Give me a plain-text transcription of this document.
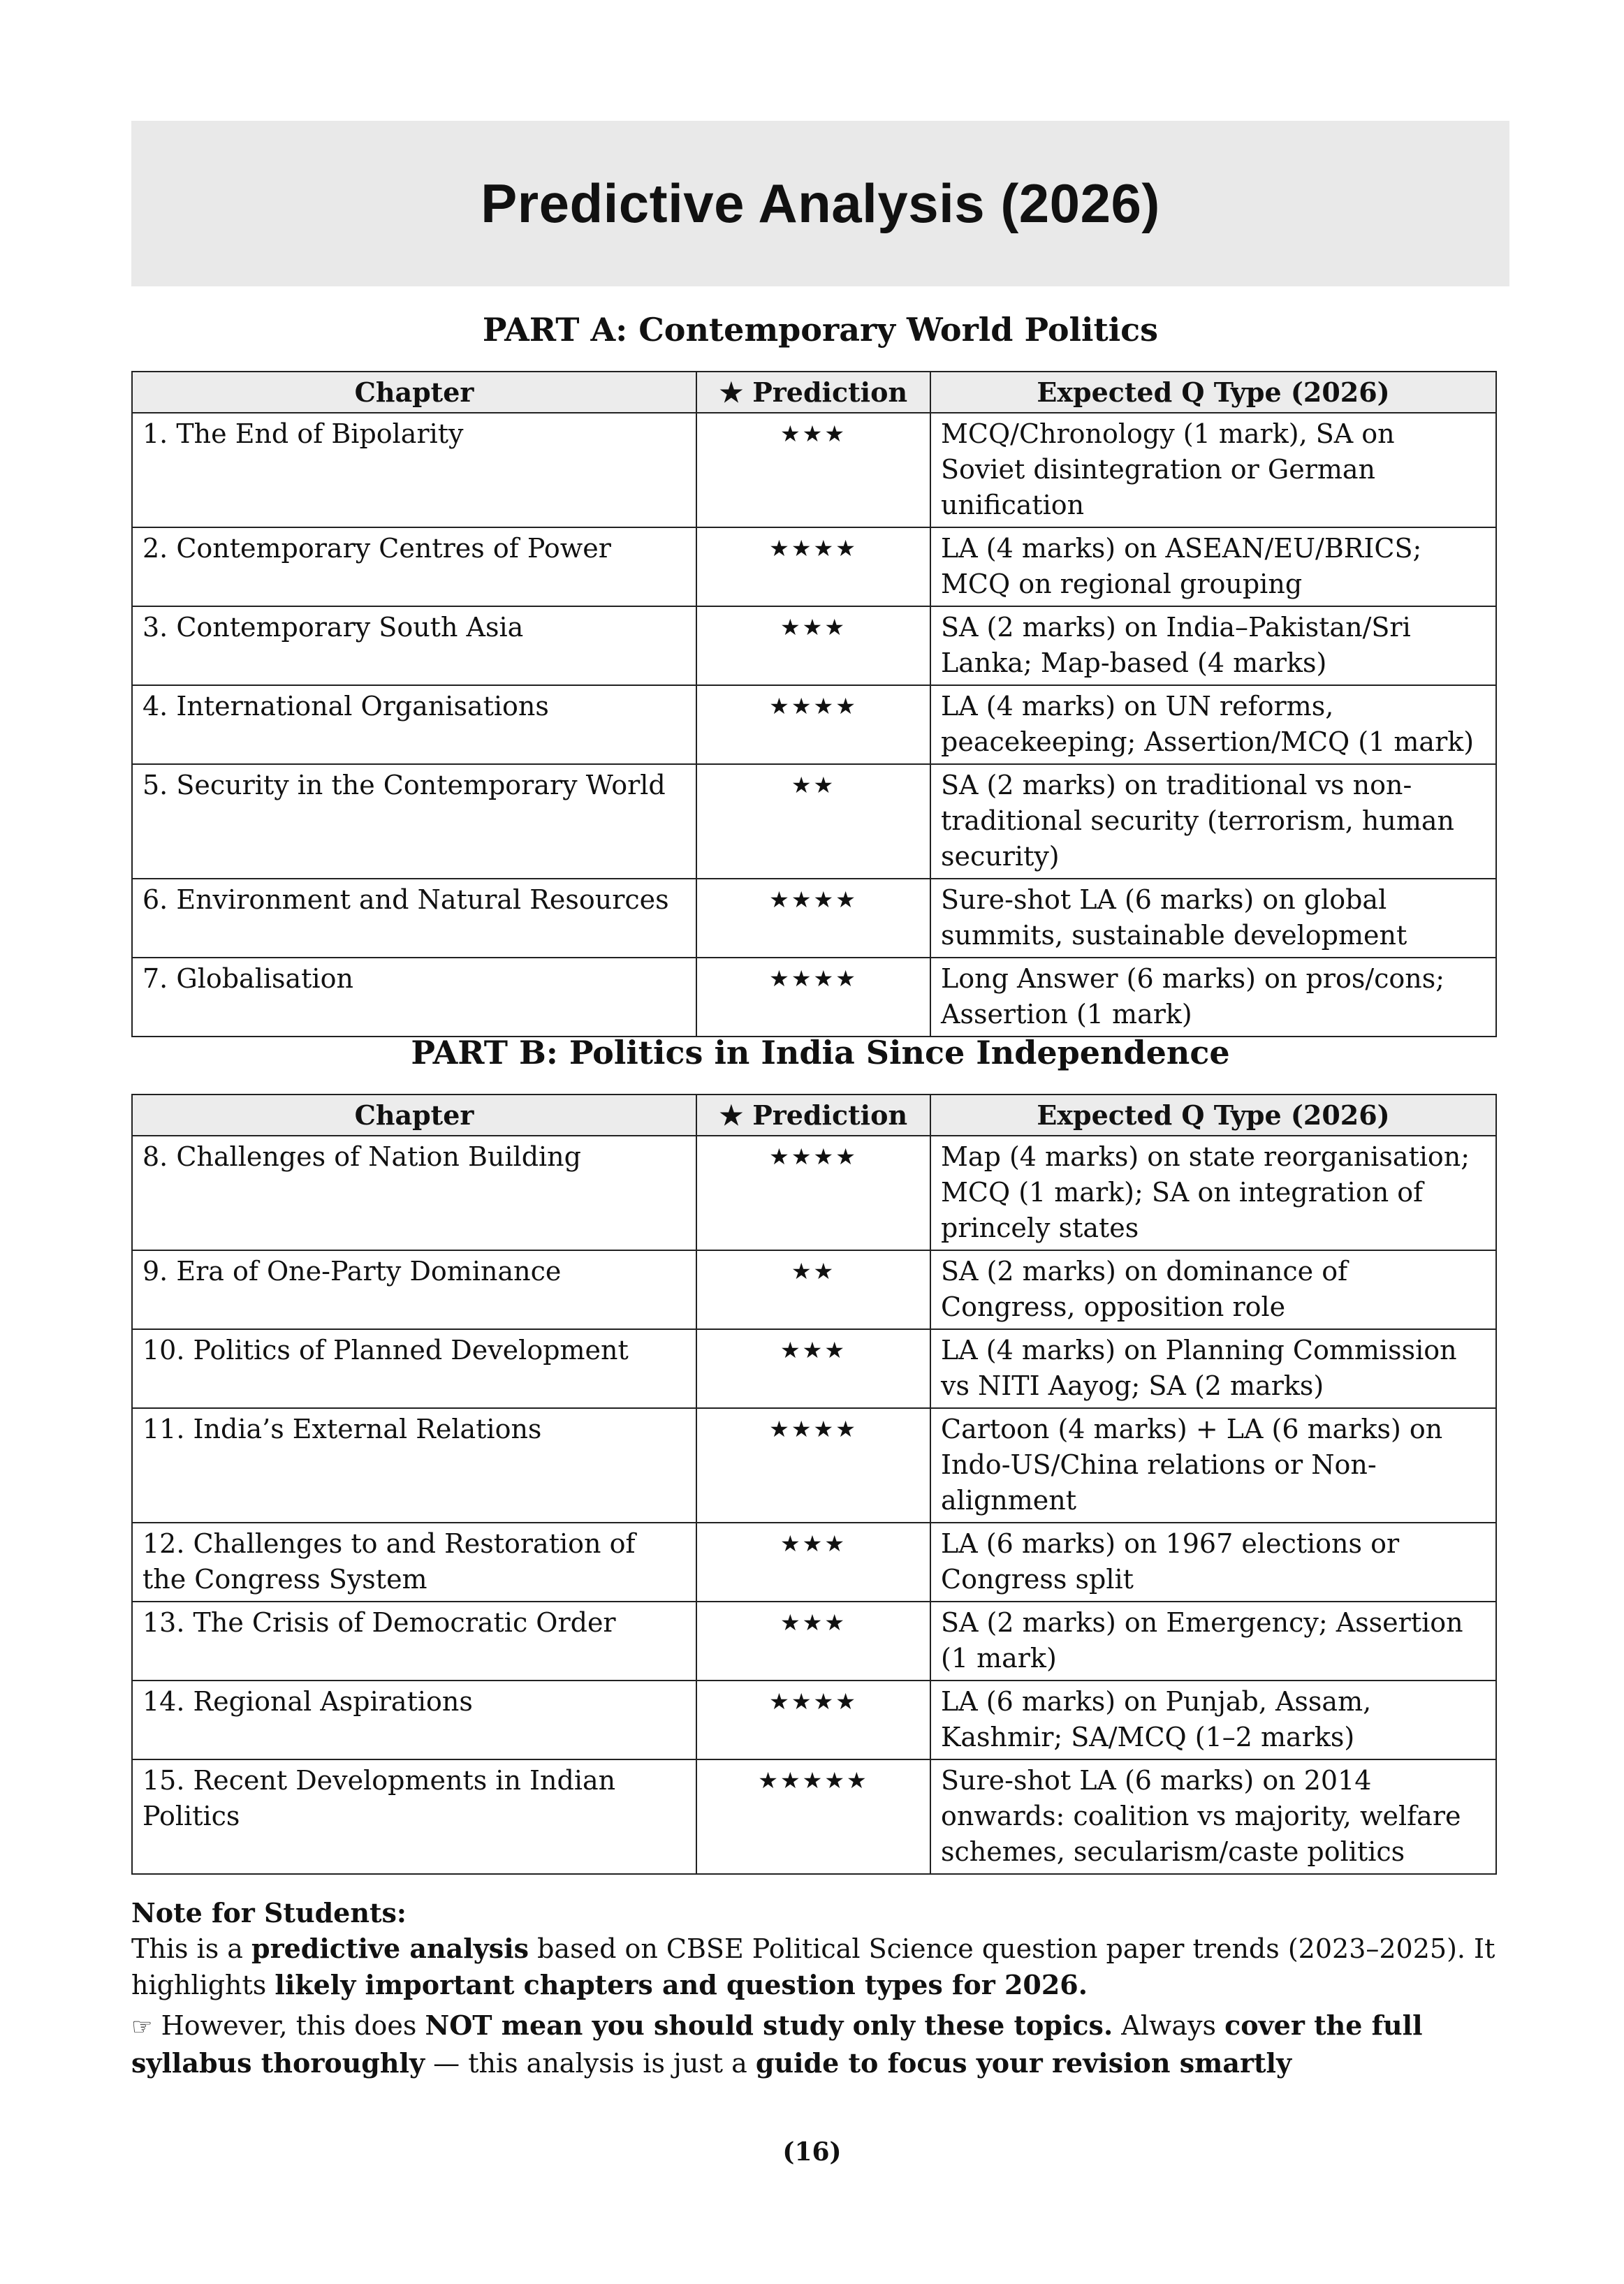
Predictive Analysis (2026)
PART A: Contemporary World Politics
Chapter	★ Prediction	Expected Q Type (2026)
1. The End of Bipolarity	★★★	MCQ/Chronology (1 mark), SA on Soviet disintegration or German unification
2. Contemporary Centres of Power	★★★★	LA (4 marks) on ASEAN/EU/BRICS; MCQ on regional grouping
3. Contemporary South Asia	★★★	SA (2 marks) on India–Pakistan/Sri Lanka; Map-based (4 marks)
4. International Organisations	★★★★	LA (4 marks) on UN reforms, peacekeeping; Assertion/MCQ (1 mark)
5. Security in the Contemporary World	★★	SA (2 marks) on traditional vs non-traditional security (terrorism, human security)
6. Environment and Natural Resources	★★★★	Sure-shot LA (6 marks) on global summits, sustainable development
7. Globalisation	★★★★	Long Answer (6 marks) on pros/cons; Assertion (1 mark)
PART B: Politics in India Since Independence
Chapter	★ Prediction	Expected Q Type (2026)
8. Challenges of Nation Building	★★★★	Map (4 marks) on state reorganisation; MCQ (1 mark); SA on integration of princely states
9. Era of One-Party Dominance	★★	SA (2 marks) on dominance of Congress, opposition role
10. Politics of Planned Development	★★★	LA (4 marks) on Planning Commission vs NITI Aayog; SA (2 marks)
11. India’s External Relations	★★★★	Cartoon (4 marks) + LA (6 marks) on Indo-US/China relations or Non-alignment
12. Challenges to and Restoration of the Congress System	★★★	LA (6 marks) on 1967 elections or Congress split
13. The Crisis of Democratic Order	★★★	SA (2 marks) on Emergency; Assertion (1 mark)
14. Regional Aspirations	★★★★	LA (6 marks) on Punjab, Assam, Kashmir; SA/MCQ (1–2 marks)
15. Recent Developments in Indian Politics	★★★★★	Sure-shot LA (6 marks) on 2014 onwards: coalition vs majority, welfare schemes, secularism/caste politics

Note for Students:

This is a predictive analysis based on CBSE Political Science question paper trends (2023–2025). It highlights likely important chapters and question types for 2026.

☞ However, this does NOT mean you should study only these topics. Always cover the full syllabus thoroughly — this analysis is just a guide to focus your revision smartly

(16)
